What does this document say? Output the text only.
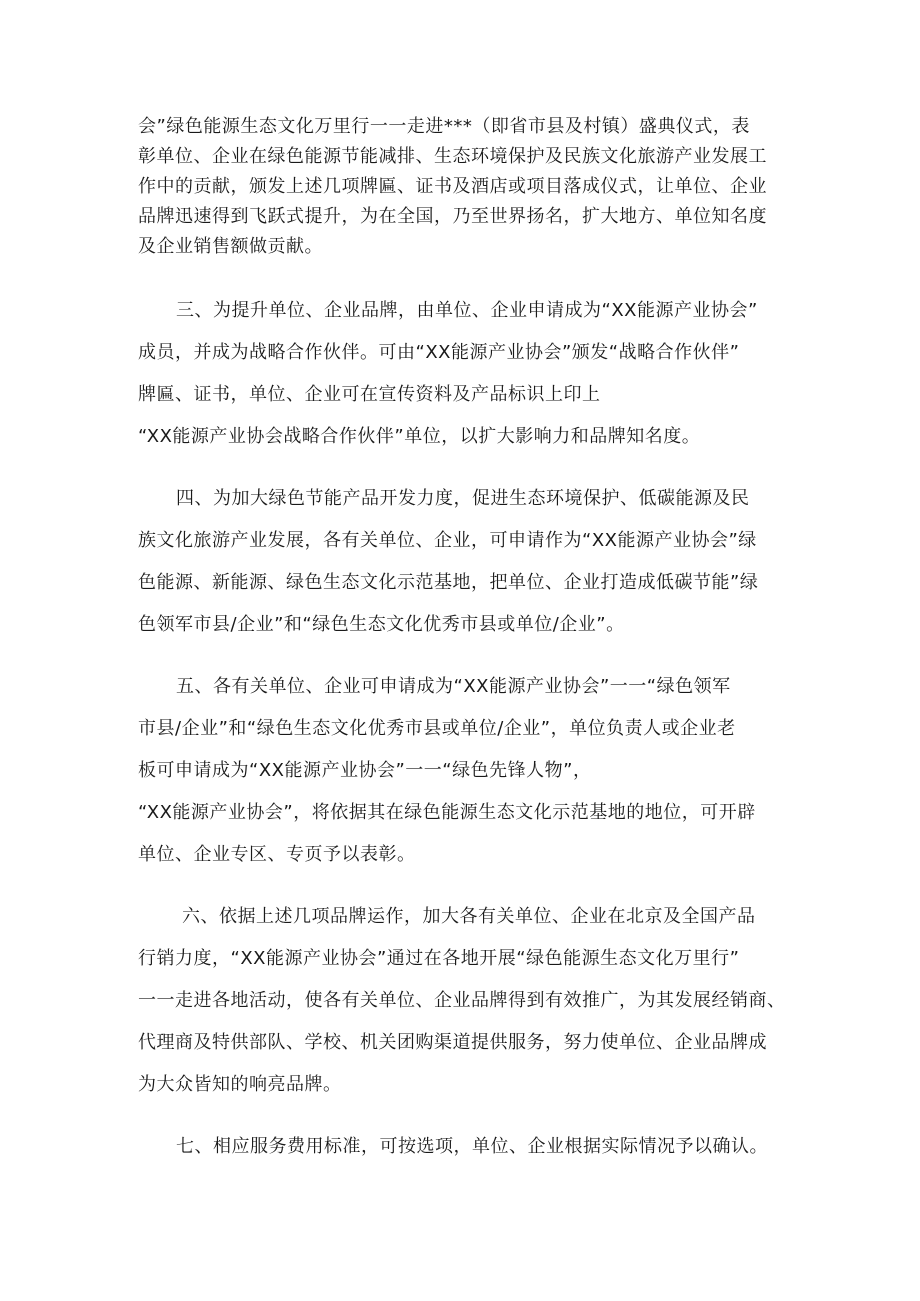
会”绿色能源生态文化万里行一一走进***（即省市县及村镇）盛典仪式，表
彰单位、企业在绿色能源节能减排、生态环境保护及民族文化旅游产业发展工
作中的贡献，颁发上述几项牌匾、证书及酒店或项目落成仪式，让单位、企业
品牌迅速得到飞跃式提升，为在全国，乃至世界扬名，扩大地方、单位知名度
及企业销售额做贡献。
三、为提升单位、企业品牌，由单位、企业申请成为“XX能源产业协会”
成员，并成为战略合作伙伴。可由“XX能源产业协会”颁发“战略合作伙伴”
牌匾、证书，单位、企业可在宣传资料及产品标识上印上
“XX能源产业协会战略合作伙伴”单位，以扩大影响力和品牌知名度。
四、为加大绿色节能产品开发力度，促进生态环境保护、低碳能源及民
族文化旅游产业发展，各有关单位、企业，可申请作为“XX能源产业协会”绿
色能源、新能源、绿色生态文化示范基地，把单位、企业打造成低碳节能”绿
色领军市县/企业”和“绿色生态文化优秀市县或单位/企业”。
五、各有关单位、企业可申请成为“XX能源产业协会”一一“绿色领军
市县/企业”和“绿色生态文化优秀市县或单位/企业”，单位负责人或企业老
板可申请成为“XX能源产业协会”一一“绿色先锋人物”，
“XX能源产业协会”，将依据其在绿色能源生态文化示范基地的地位，可开辟
单位、企业专区、专页予以表彰。
六、依据上述几项品牌运作，加大各有关单位、企业在北京及全国产品
行销力度，“XX能源产业协会”通过在各地开展“绿色能源生态文化万里行”
一一走进各地活动，使各有关单位、企业品牌得到有效推广，为其发展经销商、
代理商及特供部队、学校、机关团购渠道提供服务，努力使单位、企业品牌成
为大众皆知的响亮品牌。
七、相应服务费用标准，可按选项，单位、企业根据实际情况予以确认。
